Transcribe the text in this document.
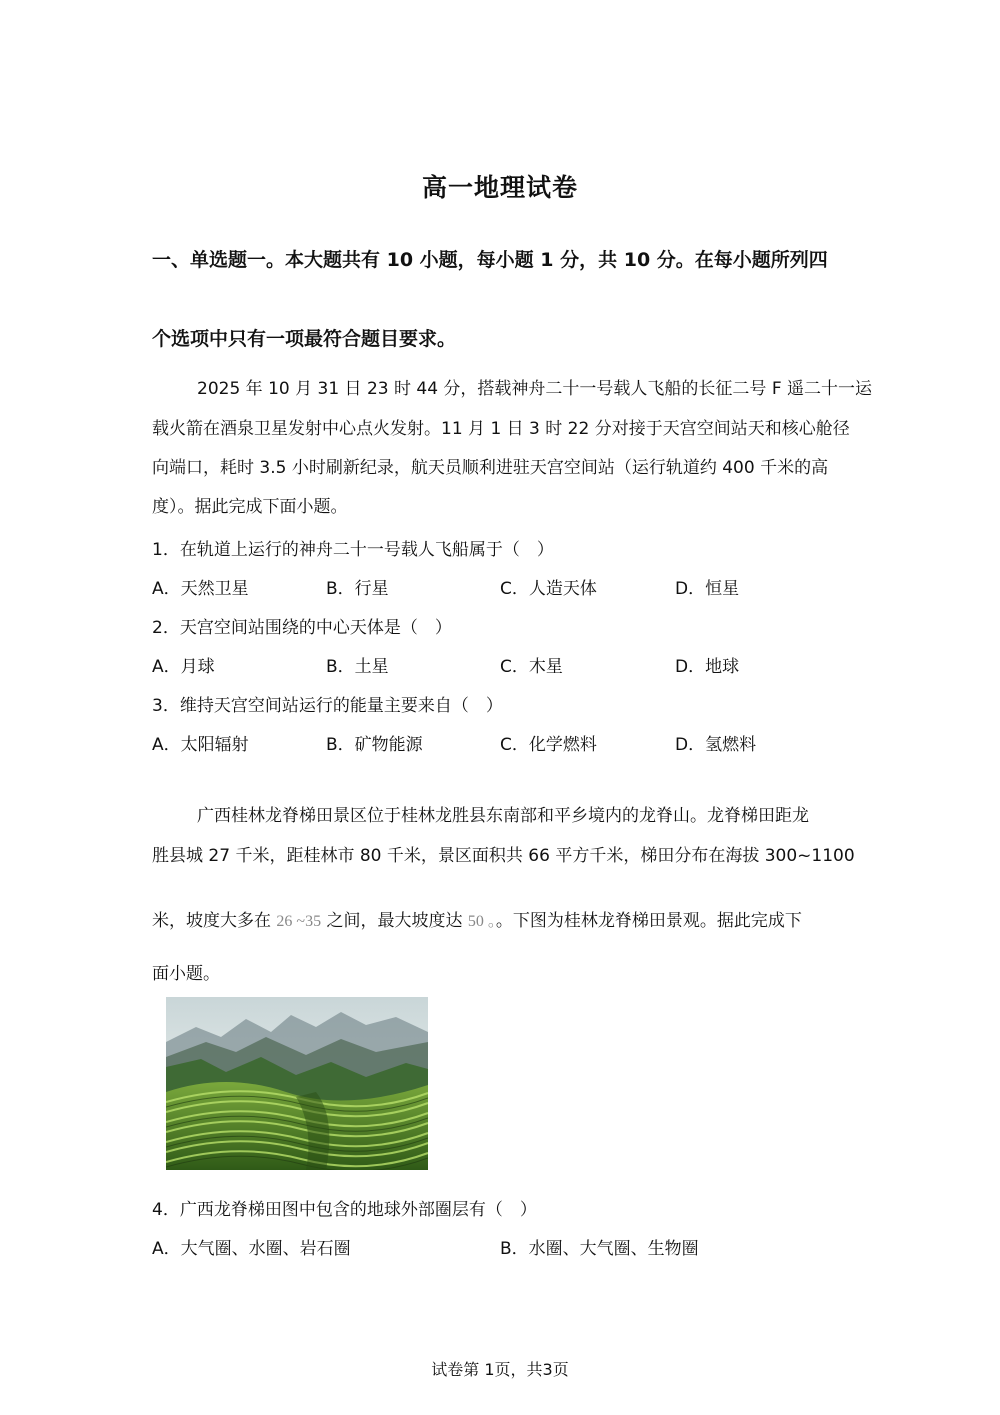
高一地理试卷
一、单选题一。本大题共有 10 小题，每小题 1 分，共 10 分。在每小题所列四
个选项中只有一项最符合题目要求。
2025 年 10 月 31 日 23 时 44 分，搭载神舟二十一号载人飞船的长征二号 F 遥二十一运
载火箭在酒泉卫星发射中心点火发射。11 月 1 日 3 时 22 分对接于天宫空间站天和核心舱径
向端口，耗时 3.5 小时刷新纪录，航天员顺利进驻天宫空间站（运行轨道约 400 千米的高
度）。据此完成下面小题。
1．在轨道上运行的神舟二十一号载人飞船属于（　）
A．天然卫星	B．行星	C．人造天体	D．恒星
2．天宫空间站围绕的中心天体是（　）
A．月球	B．土星	C．木星	D．地球
3．维持天宫空间站运行的能量主要来自（　）
A．太阳辐射	B．矿物能源	C．化学燃料	D．氢燃料
广西桂林龙脊梯田景区位于桂林龙胜县东南部和平乡境内的龙脊山。龙脊梯田距龙
胜县城 27 千米，距桂林市 80 千米，景区面积共 66 平方千米，梯田分布在海拔 300~1100
米，坡度大多在 26 ~35 之间，最大坡度达 50 。。下图为桂林龙脊梯田景观。据此完成下
面小题。
4．广西龙脊梯田图中包含的地球外部圈层有（　）
A．大气圈、水圈、岩石圈	B．水圈、大气圈、生物圈
试卷第 1页，共3页
